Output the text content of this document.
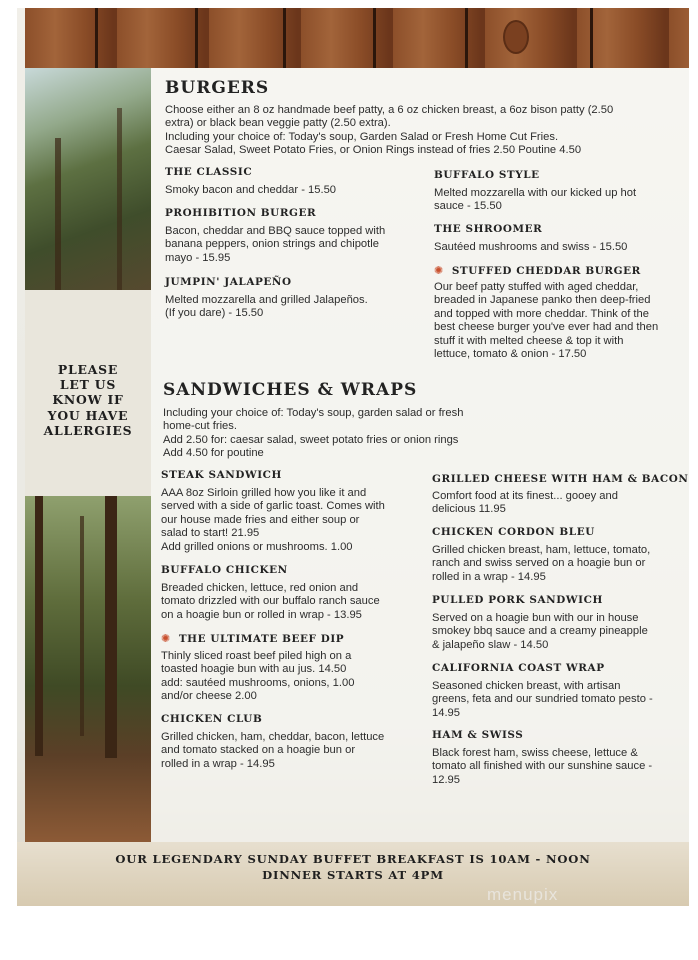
PLEASE
LET US
KNOW IF
YOU HAVE
ALLERGIES
BURGERS
Choose either an 8 oz handmade beef patty, a 6 oz chicken breast, a 6oz bison patty (2.50
extra) or black bean veggie patty (2.50 extra).
Including your choice of: Today's soup, Garden Salad or Fresh Home Cut Fries.
Caesar Salad, Sweet Potato Fries, or Onion Rings instead of fries 2.50 Poutine 4.50
THE CLASSIC
Smoky bacon and cheddar - 15.50
PROHIBITION BURGER
Bacon, cheddar and BBQ sauce topped with
banana peppers, onion strings and chipotle
mayo - 15.95
JUMPIN' JALAPEÑO
Melted mozzarella and grilled Jalapeños.
(If you dare) - 15.50
BUFFALO STYLE
Melted mozzarella with our kicked up hot
sauce - 15.50
THE SHROOMER
Sautéed mushrooms and swiss - 15.50
✺ STUFFED CHEDDAR BURGER
Our beef patty stuffed with aged cheddar,
breaded in Japanese panko then deep-fried
and topped with more cheddar. Think of the
best cheese burger you've ever had and then
stuff it with melted cheese & top it with
lettuce, tomato & onion - 17.50
SANDWICHES & WRAPS
Including your choice of: Today's soup, garden salad or fresh
home-cut fries.
Add 2.50 for: caesar salad, sweet potato fries or onion rings
Add 4.50 for poutine
STEAK SANDWICH
AAA 8oz Sirloin grilled how you like it and
served with a side of garlic toast. Comes with
our house made fries and either soup or
salad to start! 21.95
Add grilled onions or mushrooms. 1.00
BUFFALO CHICKEN
Breaded chicken, lettuce, red onion and
tomato drizzled with our buffalo ranch sauce
on a hoagie bun or rolled in wrap - 13.95
✺ THE ULTIMATE BEEF DIP
Thinly sliced roast beef piled high on a
toasted hoagie bun with au jus. 14.50
add: sautéed mushrooms, onions, 1.00
and/or cheese 2.00
CHICKEN CLUB
Grilled chicken, ham, cheddar, bacon, lettuce
and tomato stacked on a hoagie bun or
rolled in a wrap - 14.95
GRILLED CHEESE WITH HAM & BACON
Comfort food at its finest... gooey and
delicious 11.95
CHICKEN CORDON BLEU
Grilled chicken breast, ham, lettuce, tomato,
ranch and swiss served on a hoagie bun or
rolled in a wrap - 14.95
PULLED PORK SANDWICH
Served on a hoagie bun with our in house
smokey bbq sauce and a creamy pineapple
& jalapeño slaw - 14.50
CALIFORNIA COAST WRAP
Seasoned chicken breast, with artisan
greens, feta and our sundried tomato pesto -
14.95
HAM & SWISS
Black forest ham, swiss cheese, lettuce &
tomato all finished with our sunshine sauce -
12.95
OUR LEGENDARY SUNDAY BUFFET BREAKFAST IS 10AM - NOON
DINNER STARTS AT 4PM
menupix
